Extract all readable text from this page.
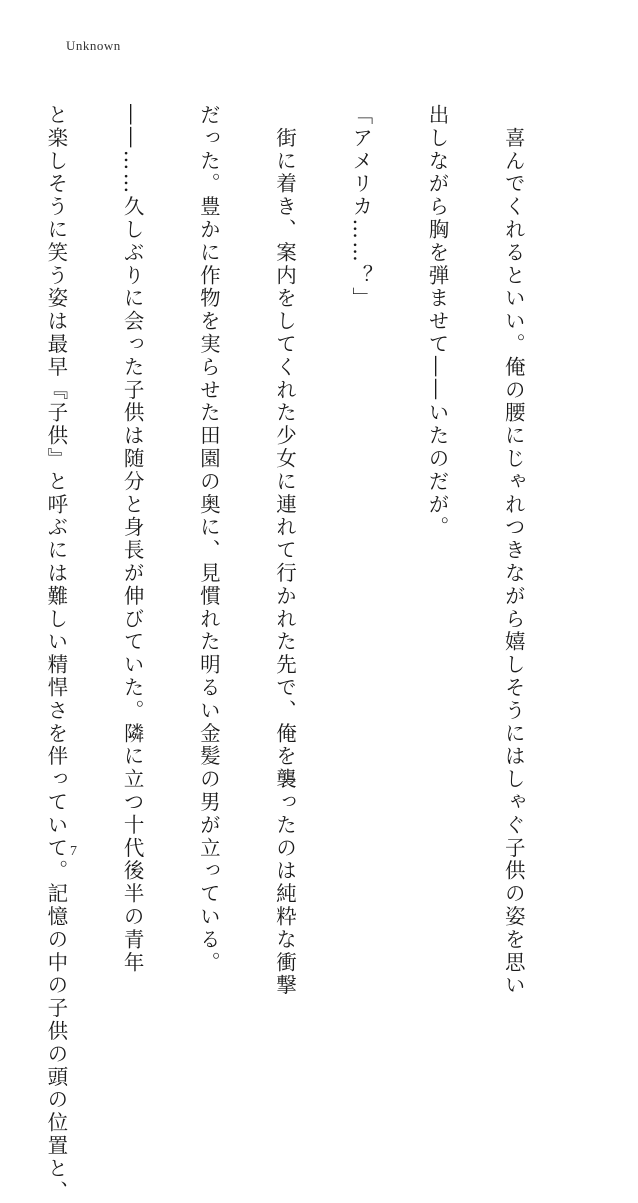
Unknown

　喜んでくれるといい。俺の腰にじゃれつきながら嬉しそうにはしゃぐ子供の姿を思い

出しながら胸を弾ませて――いたのだが。

「アメリカ……？」

　街に着き、案内をしてくれた少女に連れて行かれた先で、俺を襲ったのは純粋な衝撃

だった。豊かに作物を実らせた田園の奥に、見慣れた明るい金髪の男が立っている。

――……久しぶりに会った子供は随分と身長が伸びていた。隣に立つ十代後半の青年

と楽しそうに笑う姿は最早『子供』と呼ぶには難しい精悍さを伴っていて。記憶の中の子供の頭の位置と、

7
